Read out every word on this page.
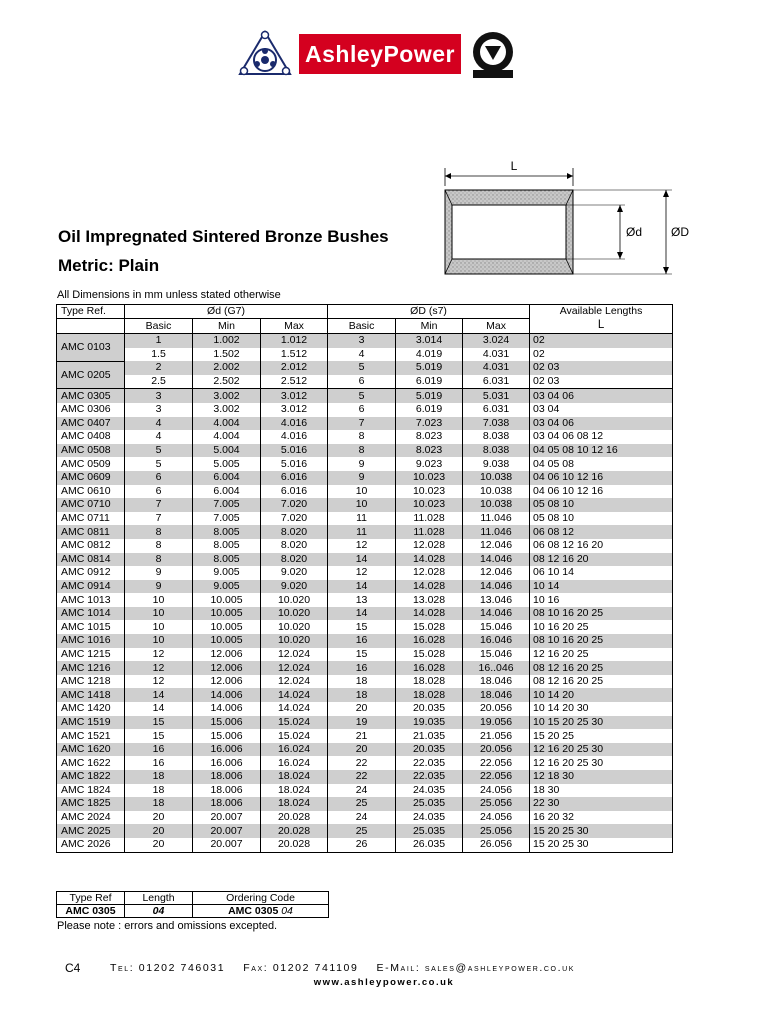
Ashley Power
L
Ød ØD
Oil Impregnated Sintered Bronze Bushes
Metric: Plain
All Dimensions in mm unless stated otherwise
Type Ref.	Ød (G7)			ØD (s7)			Available Lengths
	Basic	Min	Max	Basic	Min	Max	L
AMC 0103	1	1.002	1.012	3	3.014	3.024	02
	1.5	1.502	1.512	4	4.019	4.031	02
AMC 0205	2	2.002	2.012	5	5.019	4.031	02 03
	2.5	2.502	2.512	6	6.019	6.031	02 03
AMC 0305	3	3.002	3.012	5	5.019	5.031	03 04 06
AMC 0306	3	3.002	3.012	6	6.019	6.031	03 04
AMC 0407	4	4.004	4.016	7	7.023	7.038	03 04 06
AMC 0408	4	4.004	4.016	8	8.023	8.038	03 04 06 08 12
AMC 0508	5	5.004	5.016	8	8.023	8.038	04 05 08 10 12 16
AMC 0509	5	5.005	5.016	9	9.023	9.038	04 05 08
AMC 0609	6	6.004	6.016	9	10.023	10.038	04 06 10 12 16
AMC 0610	6	6.004	6.016	10	10.023	10.038	04 06 10 12 16
AMC 0710	7	7.005	7.020	10	10.023	10.038	05 08 10
AMC 0711	7	7.005	7.020	11	11.028	11.046	05 08 10
AMC 0811	8	8.005	8.020	11	11.028	11.046	06 08 12
AMC 0812	8	8.005	8.020	12	12.028	12.046	06 08 12 16 20
AMC 0814	8	8.005	8.020	14	14.028	14.046	08 12 16 20
AMC 0912	9	9.005	9.020	12	12.028	12.046	06 10 14
AMC 0914	9	9.005	9.020	14	14.028	14.046	10 14
AMC 1013	10	10.005	10.020	13	13.028	13.046	10 16
AMC 1014	10	10.005	10.020	14	14.028	14.046	08 10 16 20 25
AMC 1015	10	10.005	10.020	15	15.028	15.046	10 16 20 25
AMC 1016	10	10.005	10.020	16	16.028	16.046	08 10 16 20 25
AMC 1215	12	12.006	12.024	15	15.028	15.046	12 16 20 25
AMC 1216	12	12.006	12.024	16	16.028	16..046	08 12 16 20 25
AMC 1218	12	12.006	12.024	18	18.028	18.046	08 12 16 20 25
AMC 1418	14	14.006	14.024	18	18.028	18.046	10 14 20
AMC 1420	14	14.006	14.024	20	20.035	20.056	10 14 20 30
AMC 1519	15	15.006	15.024	19	19.035	19.056	10 15 20 25 30
AMC 1521	15	15.006	15.024	21	21.035	21.056	15 20 25
AMC 1620	16	16.006	16.024	20	20.035	20.056	12 16 20 25 30
AMC 1622	16	16.006	16.024	22	22.035	22.056	12 16 20 25 30
AMC 1822	18	18.006	18.024	22	22.035	22.056	12 18 30
AMC 1824	18	18.006	18.024	24	24.035	24.056	18 30
AMC 1825	18	18.006	18.024	25	25.035	25.056	22 30
AMC 2024	20	20.007	20.028	24	24.035	24.056	16 20 32
AMC 2025	20	20.007	20.028	25	25.035	25.056	15 20 25 30
AMC 2026	20	20.007	20.028	26	26.035	26.056	15 20 25 30
Type Ref	Length	Ordering Code
AMC 0305	04	AMC 0305 04
Please note : errors and omissions excepted.
C4	Tel: 01202 746031 Fax: 01202 741109 E-Mail: sales@ashleypower.co.uk
www.ashleypower.co.uk
